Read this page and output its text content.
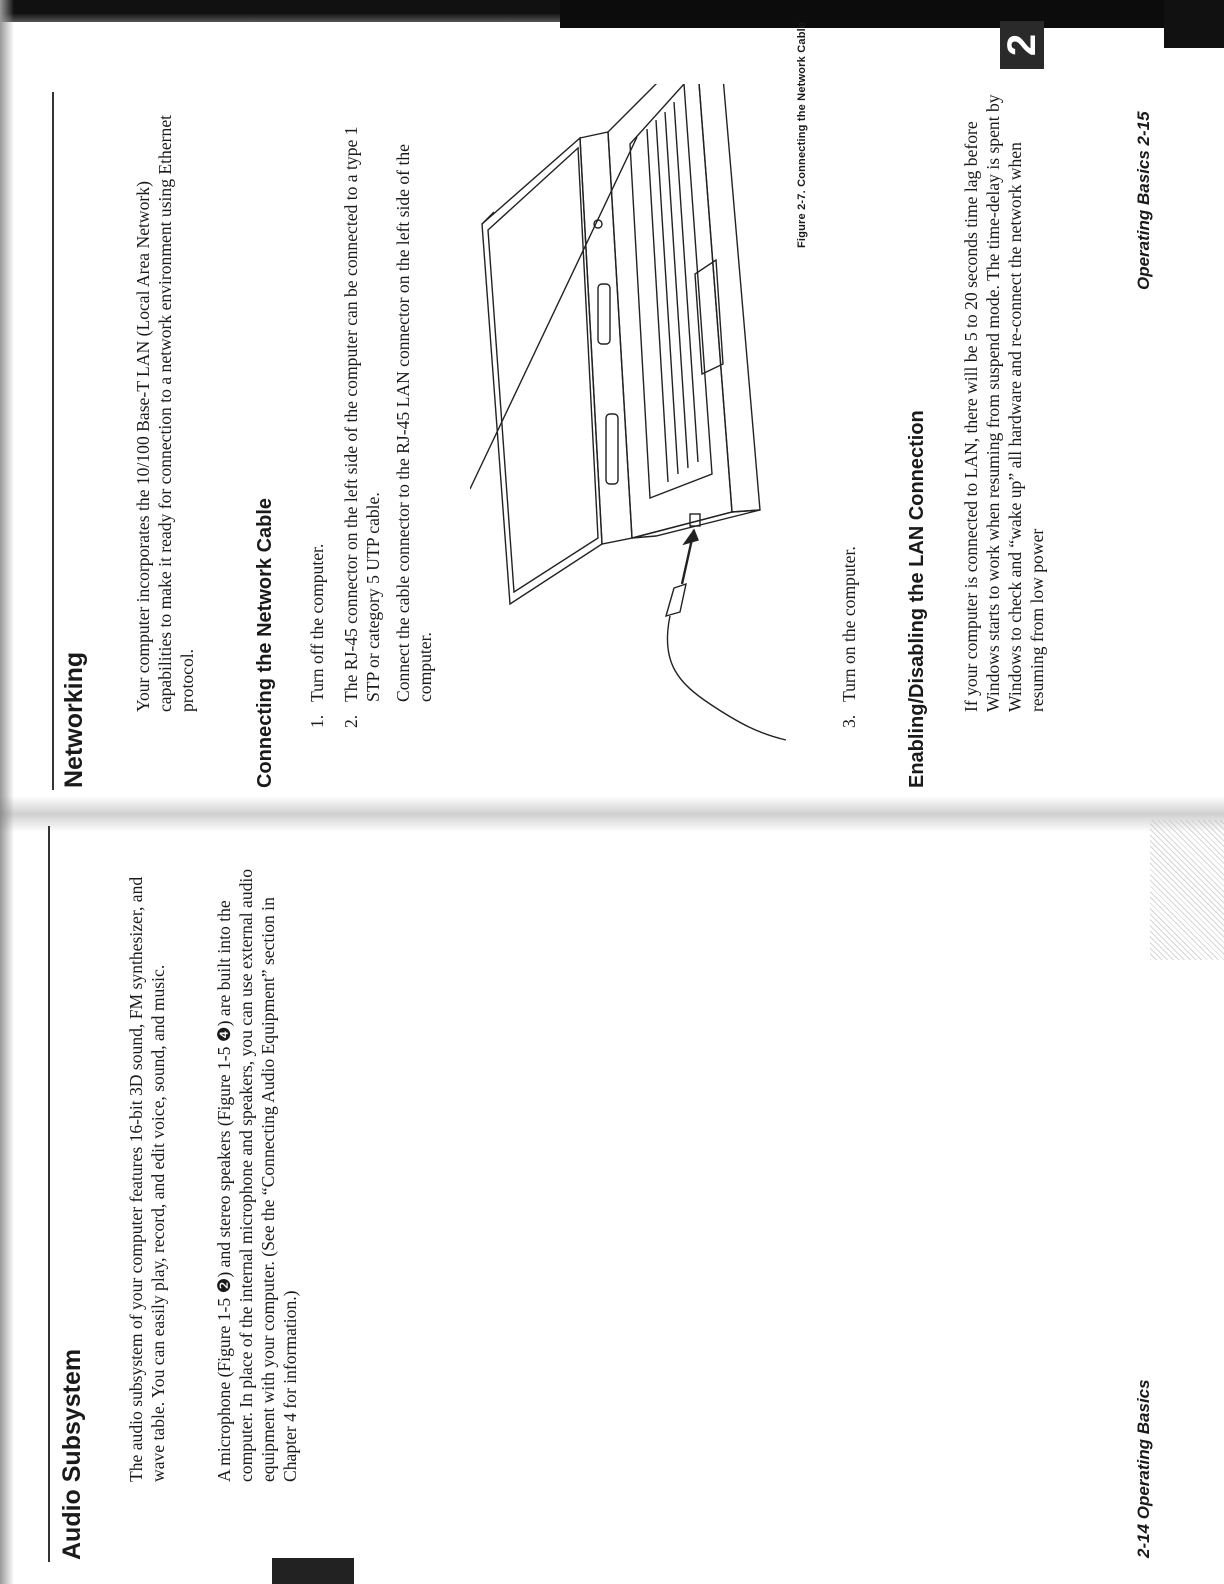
2
Audio Subsystem The audio subsystem of your computer features 16-bit 3D sound, FM synthesizer, and wave table. You can easily play, record, and edit voice, sound, and music.	A microphone (Figure 1-5 ❷) and stereo speakers (Figure 1-5 ❹) are built into the computer. In place of the internal microphone and speakers, you can use external audio equipment with your computer. (See the “Connecting Audio Equipment” section in Chapter 4 for information.)	2-14 Operating Basics
Networking

Your computer incorporates the 10/100 Base-T LAN (Local Area Network) capabilities to make it ready for connection to a network environment using Ethernet protocol.	Connecting the Network Cable 1.

Turn off the computer.

2.

The RJ-45 connector on the left side of the computer can be connected to a type 1 STP or category 5 UTP cable. Connect the cable connector to the RJ-45 LAN connector on the left side of the computer.

Figure 2-7. Connecting the Network Cable
3.

Turn on the computer. Enabling/Disabling the LAN Connection If your computer is connected to LAN, there will be 5 to 20 seconds time lag before Windows starts to work when resuming from suspend mode. The time-delay is spent by Windows to check and “wake up” all hardware and re-connect the network when resuming from low power

Operating Basics 2-15
